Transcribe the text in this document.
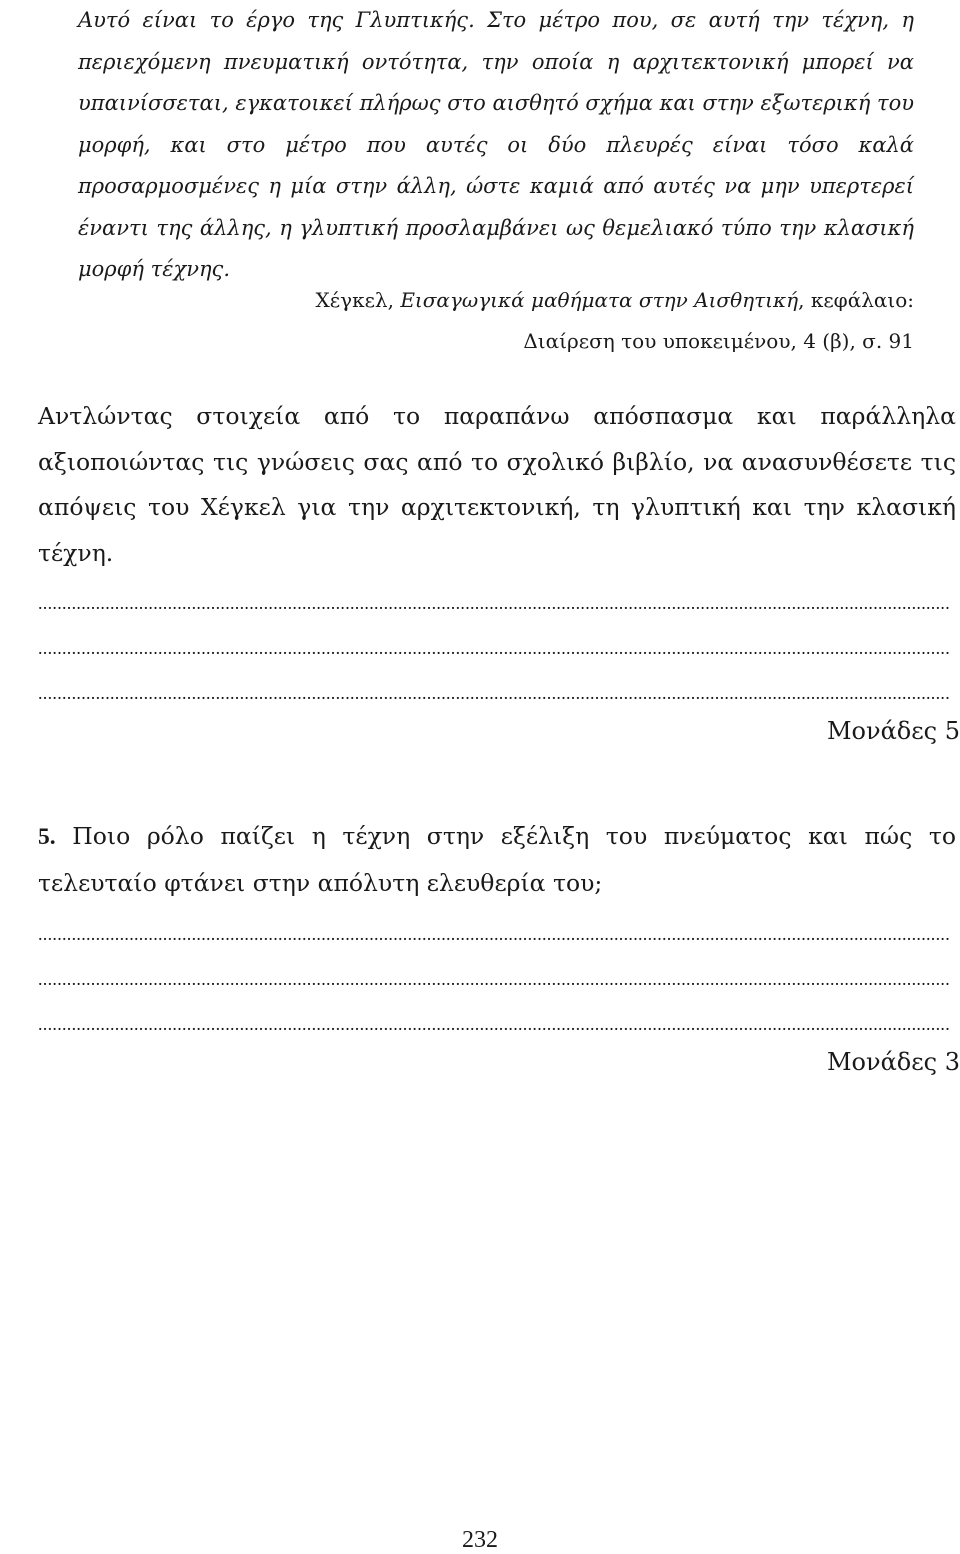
Αυτό είναι το έργο της Γλυπτικής. Στο μέτρο που, σε αυτή την τέχνη, η περιεχόμενη πνευματική οντότητα, την οποία η αρχιτεκτονική μπορεί να υπαινίσσεται, εγκατοικεί πλήρως στο αισθητό σχήμα και στην εξωτερική του μορφή, και στο μέτρο που αυτές οι δύο πλευρές είναι τόσο καλά προσαρμοσμένες η μία στην άλλη, ώστε καμιά από αυτές να μην υπερτερεί έναντι της άλλης, η γλυπτική προσλαμβάνει ως θεμελιακό τύπο την κλασική μορφή τέχνης.
Χέγκελ, Εισαγωγικά μαθήματα στην Αισθητική, κεφάλαιο:
Διαίρεση του υποκειμένου, 4 (β), σ. 91
Αντλώντας στοιχεία από το παραπάνω απόσπασμα και παράλληλα αξιοποιώντας τις γνώσεις σας από το σχολικό βιβλίο, να ανασυνθέσετε τις απόψεις του Χέγκελ για την αρχιτεκτονική, τη γλυπτική και την κλασική τέχνη.
..............................................................................................................................................................................................
..............................................................................................................................................................................................
..............................................................................................................................................................................................
Μονάδες 5
5. Ποιο ρόλο παίζει η τέχνη στην εξέλιξη του πνεύματος και πώς το τελευταίο φτάνει στην απόλυτη ελευθερία του;
..............................................................................................................................................................................................
..............................................................................................................................................................................................
..............................................................................................................................................................................................
Μονάδες 3
232
